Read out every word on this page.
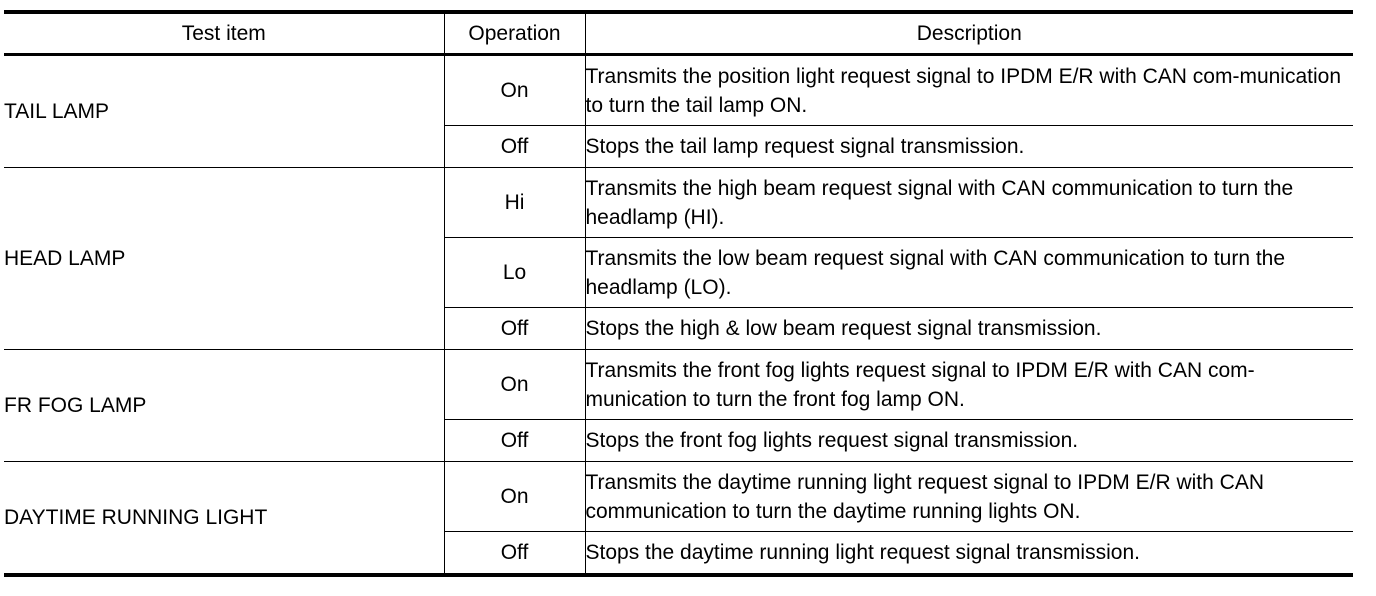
Test item	Operation	Description
TAIL LAMP	On	Transmits the position light request signal to IPDM E/R with CAN com-munication to turn the tail lamp ON.
	Off	Stops the tail lamp request signal transmission.
HEAD LAMP	Hi	Transmits the high beam request signal with CAN communication to turn the headlamp (HI).
	Lo	Transmits the low beam request signal with CAN communication to turn the headlamp (LO).
	Off	Stops the high & low beam request signal transmission.
FR FOG LAMP	On	Transmits the front fog lights request signal to IPDM E/R with CAN com-munication to turn the front fog lamp ON.
	Off	Stops the front fog lights request signal transmission.
DAYTIME RUNNING LIGHT	On	Transmits the daytime running light request signal to IPDM E/R with CAN communication to turn the daytime running lights ON.
	Off	Stops the daytime running light request signal transmission.
